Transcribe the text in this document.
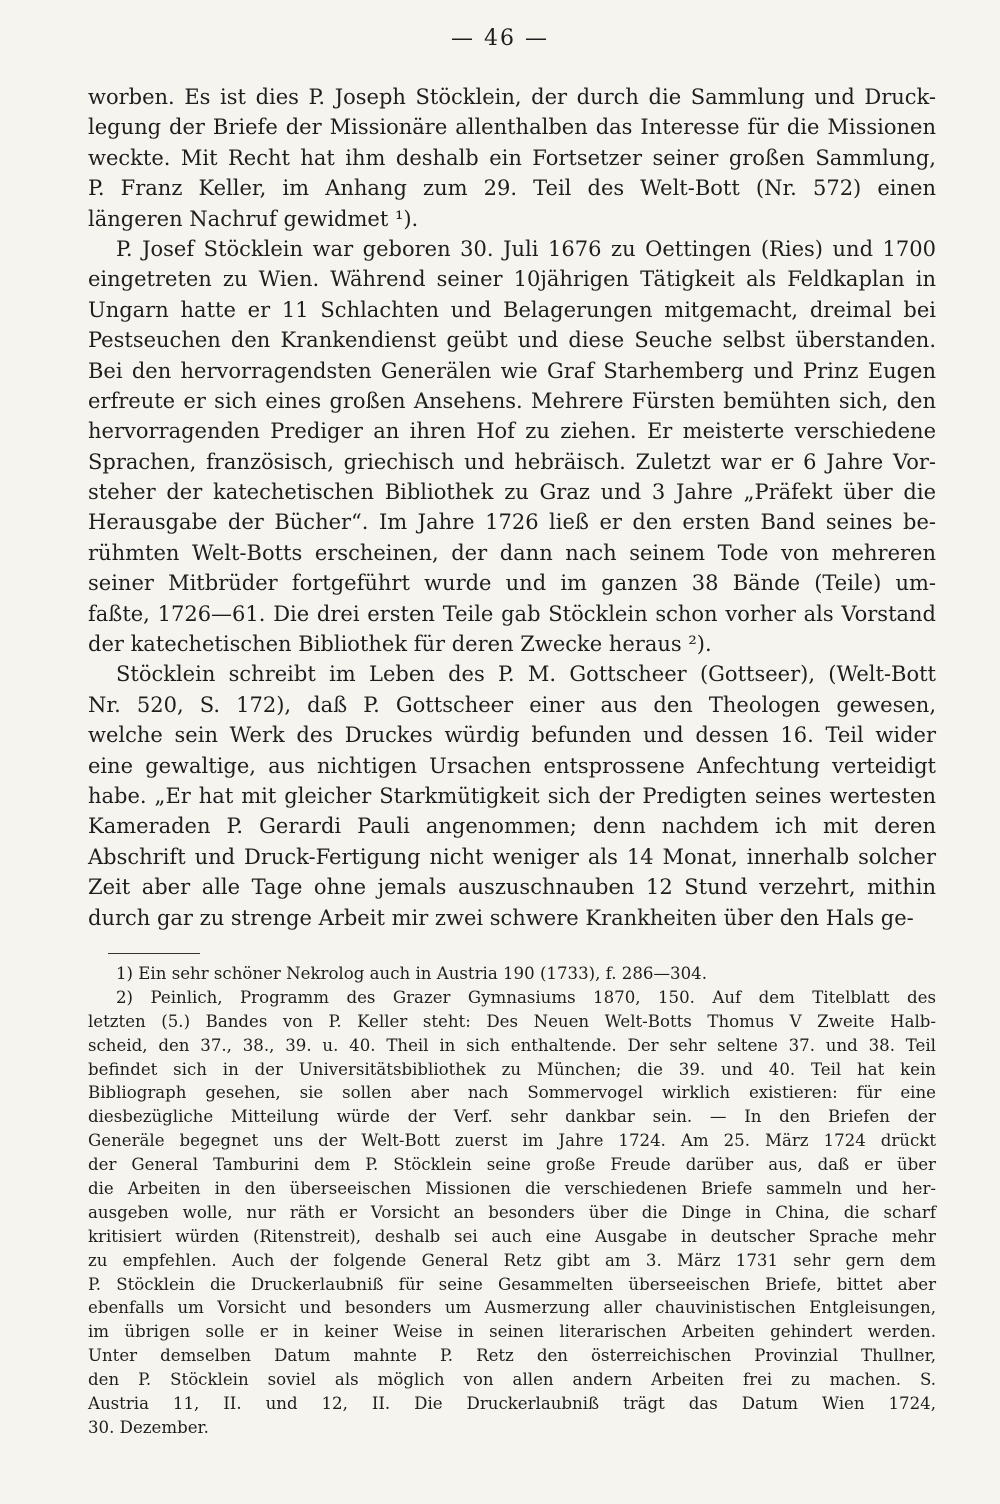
— 46 —
worben. Es ist dies P. Joseph Stöcklein, der durch die Sammlung und Druck-
legung der Briefe der Missionäre allenthalben das Interesse für die Missionen
weckte. Mit Recht hat ihm deshalb ein Fortsetzer seiner großen Sammlung,
P. Franz Keller, im Anhang zum 29. Teil des Welt-Bott (Nr. 572) einen
längeren Nachruf gewidmet ¹).
P. Josef Stöcklein war geboren 30. Juli 1676 zu Oettingen (Ries) und 1700
eingetreten zu Wien. Während seiner 10jährigen Tätigkeit als Feldkaplan in
Ungarn hatte er 11 Schlachten und Belagerungen mitgemacht, dreimal bei
Pestseuchen den Krankendienst geübt und diese Seuche selbst überstanden.
Bei den hervorragendsten Generälen wie Graf Starhemberg und Prinz Eugen
erfreute er sich eines großen Ansehens. Mehrere Fürsten bemühten sich, den
hervorragenden Prediger an ihren Hof zu ziehen. Er meisterte verschiedene
Sprachen, französisch, griechisch und hebräisch. Zuletzt war er 6 Jahre Vor-
steher der katechetischen Bibliothek zu Graz und 3 Jahre „Präfekt über die
Herausgabe der Bücher“. Im Jahre 1726 ließ er den ersten Band seines be-
rühmten Welt-Botts erscheinen, der dann nach seinem Tode von mehreren
seiner Mitbrüder fortgeführt wurde und im ganzen 38 Bände (Teile) um-
faßte, 1726—61. Die drei ersten Teile gab Stöcklein schon vorher als Vorstand
der katechetischen Bibliothek für deren Zwecke heraus ²).
Stöcklein schreibt im Leben des P. M. Gottscheer (Gottseer), (Welt-Bott
Nr. 520, S. 172), daß P. Gottscheer einer aus den Theologen gewesen,
welche sein Werk des Druckes würdig befunden und dessen 16. Teil wider
eine gewaltige, aus nichtigen Ursachen entsprossene Anfechtung verteidigt
habe. „Er hat mit gleicher Starkmütigkeit sich der Predigten seines wertesten
Kameraden P. Gerardi Pauli angenommen; denn nachdem ich mit deren
Abschrift und Druck-Fertigung nicht weniger als 14 Monat, innerhalb solcher
Zeit aber alle Tage ohne jemals auszuschnauben 12 Stund verzehrt, mithin
durch gar zu strenge Arbeit mir zwei schwere Krankheiten über den Hals ge-
1) Ein sehr schöner Nekrolog auch in Austria 190 (1733), f. 286—304.
2) Peinlich, Programm des Grazer Gymnasiums 1870, 150. Auf dem Titelblatt des
letzten (5.) Bandes von P. Keller steht: Des Neuen Welt-Botts Thomus V Zweite Halb-
scheid, den 37., 38., 39. u. 40. Theil in sich enthaltende. Der sehr seltene 37. und 38. Teil
befindet sich in der Universitätsbibliothek zu München; die 39. und 40. Teil hat kein
Bibliograph gesehen, sie sollen aber nach Sommervogel wirklich existieren: für eine
diesbezügliche Mitteilung würde der Verf. sehr dankbar sein. — In den Briefen der
Generäle begegnet uns der Welt-Bott zuerst im Jahre 1724. Am 25. März 1724 drückt
der General Tamburini dem P. Stöcklein seine große Freude darüber aus, daß er über
die Arbeiten in den überseeischen Missionen die verschiedenen Briefe sammeln und her-
ausgeben wolle, nur räth er Vorsicht an besonders über die Dinge in China, die scharf
kritisiert würden (Ritenstreit), deshalb sei auch eine Ausgabe in deutscher Sprache mehr
zu empfehlen. Auch der folgende General Retz gibt am 3. März 1731 sehr gern dem
P. Stöcklein die Druckerlaubniß für seine Gesammelten überseeischen Briefe, bittet aber
ebenfalls um Vorsicht und besonders um Ausmerzung aller chauvinistischen Entgleisungen,
im übrigen solle er in keiner Weise in seinen literarischen Arbeiten gehindert werden.
Unter demselben Datum mahnte P. Retz den österreichischen Provinzial Thullner,
den P. Stöcklein soviel als möglich von allen andern Arbeiten frei zu machen. S.
Austria 11, II. und 12, II. Die Druckerlaubniß trägt das Datum Wien 1724,
30. Dezember.
